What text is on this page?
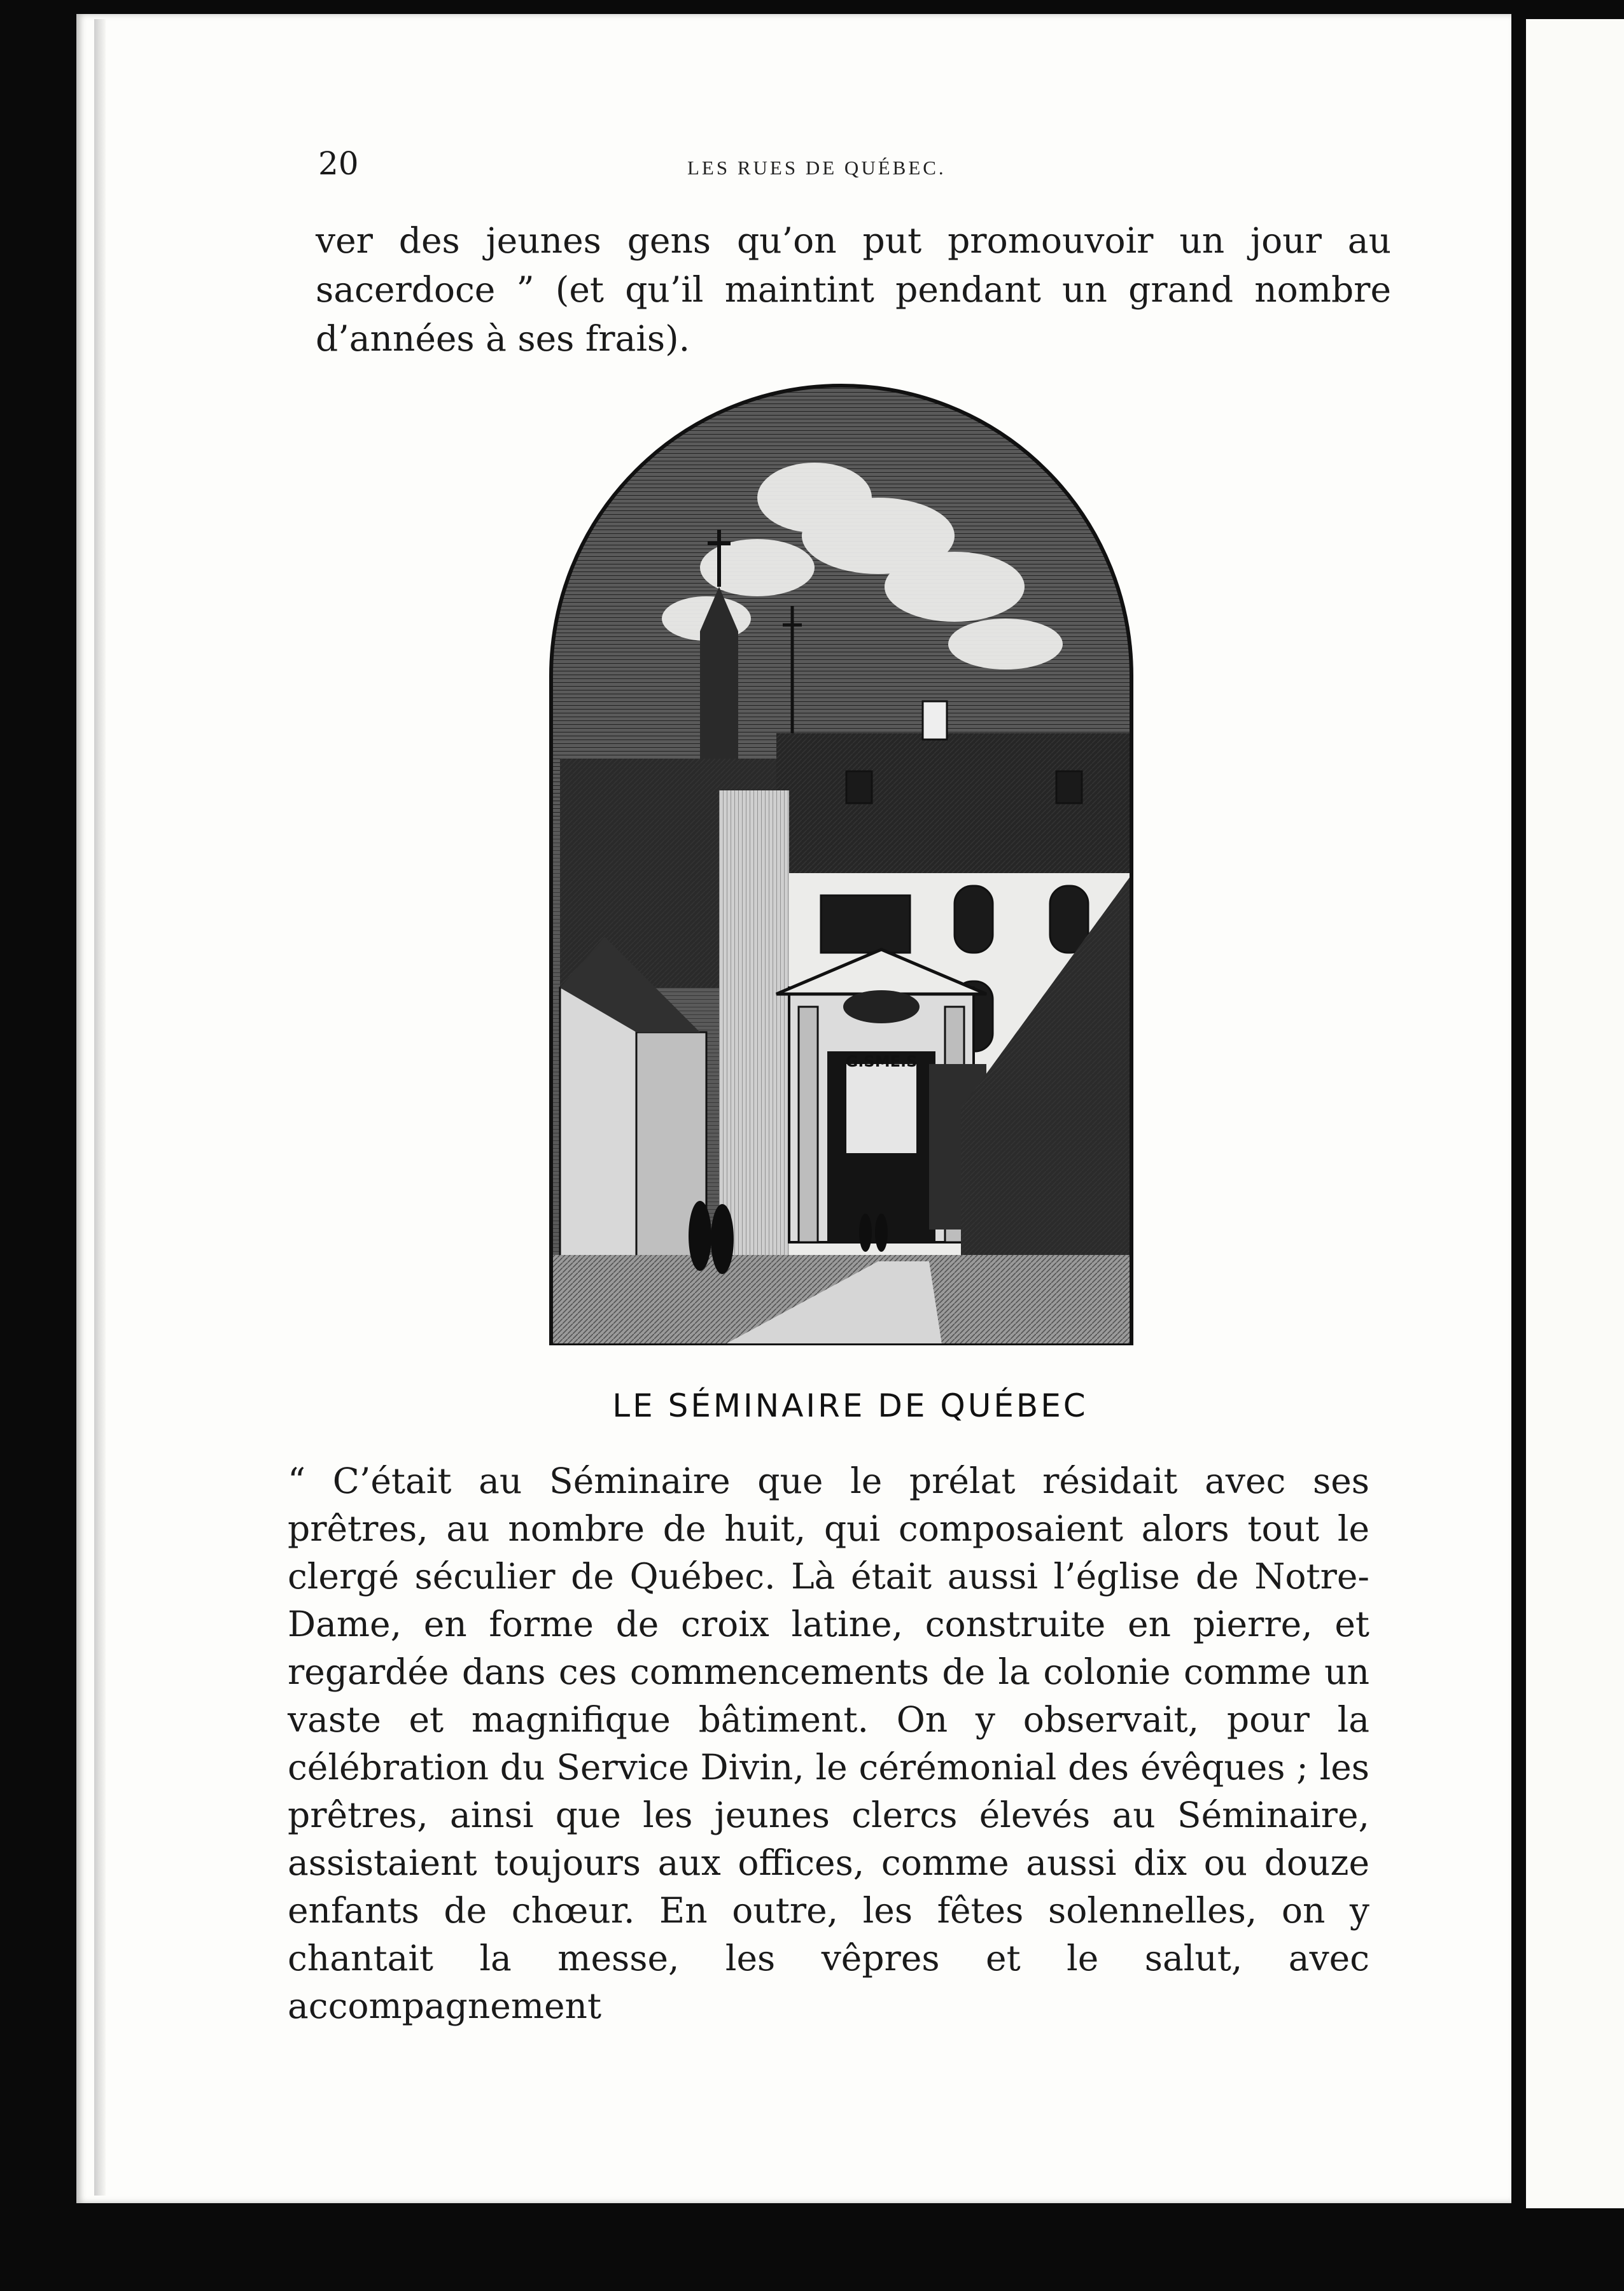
20	LES RUES DE QUÉBEC.

ver des jeunes gens qu’on put promouvoir un jour au sacerdoce ” (et qu’il maintint pendant un grand nombre d’années à ses frais).

G.SME.S
LE SÉMINAIRE DE QUÉBEC

“ C’était au Séminaire que le prélat résidait avec ses prêtres, au nombre de huit, qui composaient alors tout le clergé séculier de Québec. Là était aussi l’église de Notre-Dame, en forme de croix latine, construite en pierre, et regardée dans ces commencements de la colonie comme un vaste et magnifique bâtiment. On y observait, pour la célébration du Service Divin, le cérémonial des évêques ; les prêtres, ainsi que les jeunes clercs élevés au Séminaire, assistaient toujours aux offices, comme aussi dix ou douze enfants de chœur. En outre, les fêtes solennelles, on y chantait la messe, les vêpres et le salut, avec accompagnement
